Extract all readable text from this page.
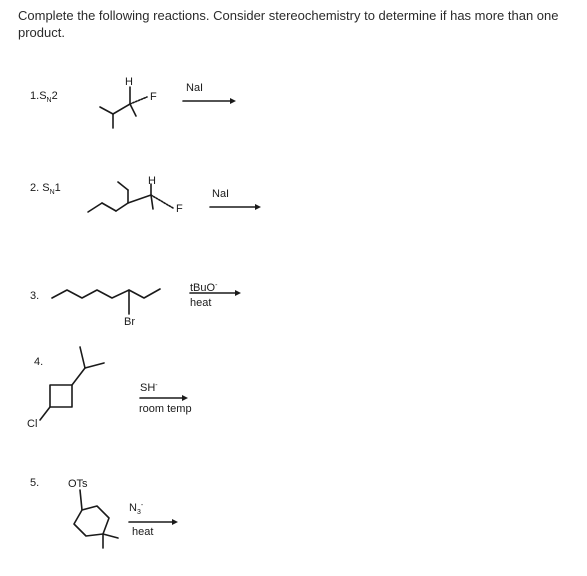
Complete the following reactions. Consider stereochemistry to determine if has more than one product.
$1.S_N2$
H
F
NaI
2. $S_N1$
H
F
NaI
3.
Br
tBuO-
heat
4.
Cl
SH-
room temp
5.	OTs
$N_3^-$
heat
